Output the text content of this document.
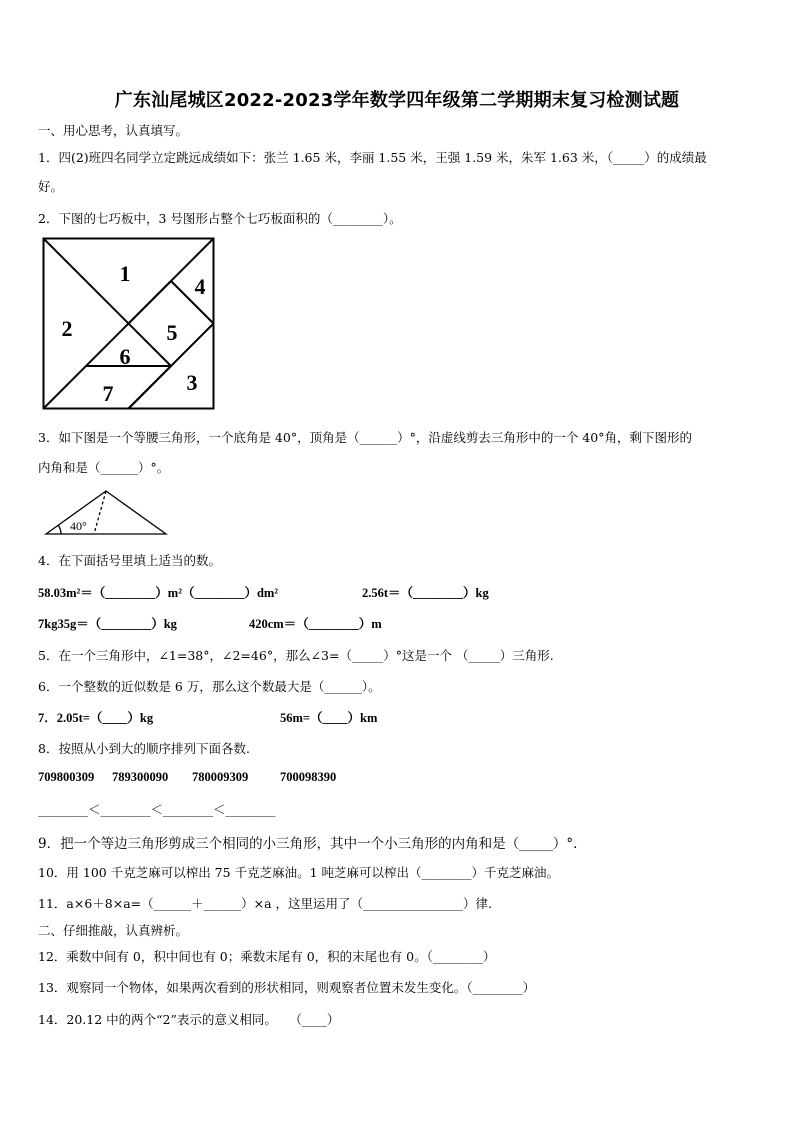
广东汕尾城区2022-2023学年数学四年级第二学期期末复习检测试题
一、用心思考，认真填写。
1．四(2)班四名同学立定跳远成绩如下：张兰 1.65 米，李丽 1.55 米，王强 1.59 米，朱军 1.63 米，（_____）的成绩最
好。
2．下图的七巧板中，3 号图形占整个七巧板面积的（________）。
1
2
3
4
5
6
7
3．如下图是一个等腰三角形，一个底角是 40°，顶角是（______）°，沿虚线剪去三角形中的一个 40°角，剩下图形的
内角和是（______）°。
40°
4．在下面括号里填上适当的数。
58.03m²＝（________）m²（________）dm²	2.56t＝（________）kg
7kg35g＝（________）kg	420cm＝（________）m
5．在一个三角形中，∠1=38°，∠2=46°，那么∠3=（_____）°这是一个 （_____）三角形.
6．一个整数的近似数是 6 万，那么这个数最大是（______）。
7．2.05t=（____）kg	56m=（____）km
8．按照从小到大的顺序排列下面各数.
709800309 789300090 780009309	700098390
________＜________＜________＜________
9．把一个等边三角形剪成三个相同的小三角形，其中一个小三角形的内角和是（_____）°.
10．用 100 千克芝麻可以榨出 75 千克芝麻油。1 吨芝麻可以榨出（________）千克芝麻油。
11．a×6＋8×a=（______＋______）×a ，这里运用了（________________）律.
二、仔细推敲，认真辨析。
12．乘数中间有 0，积中间也有 0；乘数末尾有 0，积的末尾也有 0。（________）
13．观察同一个物体，如果两次看到的形状相同，则观察者位置未发生变化。（________）
14．20.12 中的两个“2”表示的意义相同。　　（____）
